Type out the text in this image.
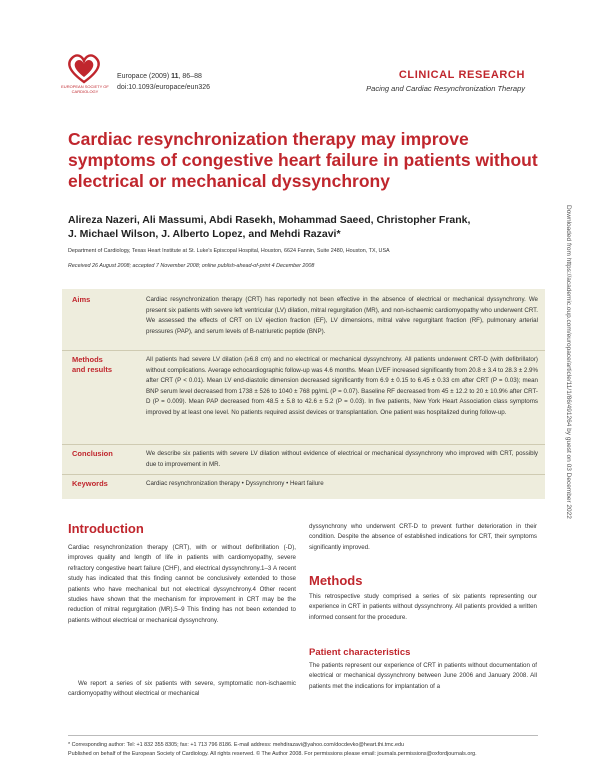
EUROPEAN SOCIETY OF CARDIOLOGY
Europace (2009) 11, 86–88
doi:10.1093/europace/eun326
CLINICAL RESEARCH
Pacing and Cardiac Resynchronization Therapy
Cardiac resynchronization therapy may improve symptoms of congestive heart failure in patients without electrical or mechanical dyssynchrony
Alireza Nazeri, Ali Massumi, Abdi Rasekh, Mohammad Saeed, Christopher Frank,
J. Michael Wilson, J. Alberto Lopez, and Mehdi Razavi*
Department of Cardiology, Texas Heart Institute at St. Luke's Episcopal Hospital, Houston, 6624 Fannin, Suite 2480, Houston, TX, USA
Received 26 August 2008; accepted 7 November 2008; online publish-ahead-of-print 4 December 2008
Aims	Cardiac resynchronization therapy (CRT) has reportedly not been effective in the absence of electrical or mechanical dyssynchrony. We present six patients with severe left ventricular (LV) dilation, mitral regurgitation (MR), and non-ischaemic cardiomyopathy who underwent CRT. We assessed the effects of CRT on LV ejection fraction (EF), LV dimensions, mitral valve regurgitant fraction (RF), pulmonary arterial pressures (PAP), and serum levels of B-natriuretic peptide (BNP).
Methods
and results
All patients had severe LV dilation (≥6.8 cm) and no electrical or mechanical dyssynchrony. All patients underwent CRT-D (with defibrillator) without complications. Average echocardiographic follow-up was 4.6 months. Mean LVEF increased significantly from 20.8 ± 3.4 to 28.3 ± 2.9% after CRT (P < 0.01). Mean LV end-diastolic dimension decreased significantly from 6.9 ± 0.15 to 6.45 ± 0.33 cm after CRT (P = 0.03); mean BNP serum level decreased from 1738 ± 526 to 1040 ± 768 pg/mL (P = 0.07). Baseline RF decreased from 45 ± 12.2 to 20 ± 10.9% after CRT-D (P = 0.009). Mean PAP decreased from 48.5 ± 5.8 to 42.6 ± 5.2 (P = 0.03). In five patients, New York Heart Association class symptoms improved by at least one level. No patients required assist devices or transplantation. One patient was hospitalized during follow-up.
Conclusion	We describe six patients with severe LV dilation without evidence of electrical or mechanical dyssynchrony who improved with CRT, possibly due to improvement in MR.
Keywords	Cardiac resynchronization therapy • Dyssynchrony • Heart failure
Introduction
Cardiac resynchronization therapy (CRT), with or without defibrillation (-D), improves quality and length of life in patients with cardiomyopathy, severe refractory congestive heart failure (CHF), and electrical dyssynchrony.1–3 A recent study has indicated that this finding cannot be conclusively extended to those patients who have mechanical but not electrical dyssynchrony.4 Other recent studies have shown that the mechanism for improvement in CRT may be the reduction of mitral regurgitation (MR).5–9 This finding has not been extended to patients without electrical or mechanical dyssynchrony.
We report a series of six patients with severe, symptomatic non-ischaemic cardiomyopathy without electrical or mechanical
dyssynchrony who underwent CRT-D to prevent further deterioration in their condition. Despite the absence of established indications for CRT, their symptoms significantly improved.
Methods
This retrospective study comprised a series of six patients representing our experience in CRT in patients without dyssynchrony. All patients provided a written informed consent for the procedure.
Patient characteristics
The patients represent our experience of CRT in patients without documentation of electrical or mechanical dyssynchrony between June 2006 and January 2008. All patients met the indications for implantation of a
* Corresponding author: Tel: +1 832 355 8305; fax: +1 713 796 8186. E-mail address: mehdirazavi@yahoo.com/docdevko@heart.thi.tmc.edu
Published on behalf of the European Society of Cardiology. All rights reserved. © The Author 2008. For permissions please email: journals.permissions@oxfordjournals.org.
Downloaded from https://academic.oup.com/europace/article/11/1/86/491264 by guest on 03 December 2022
